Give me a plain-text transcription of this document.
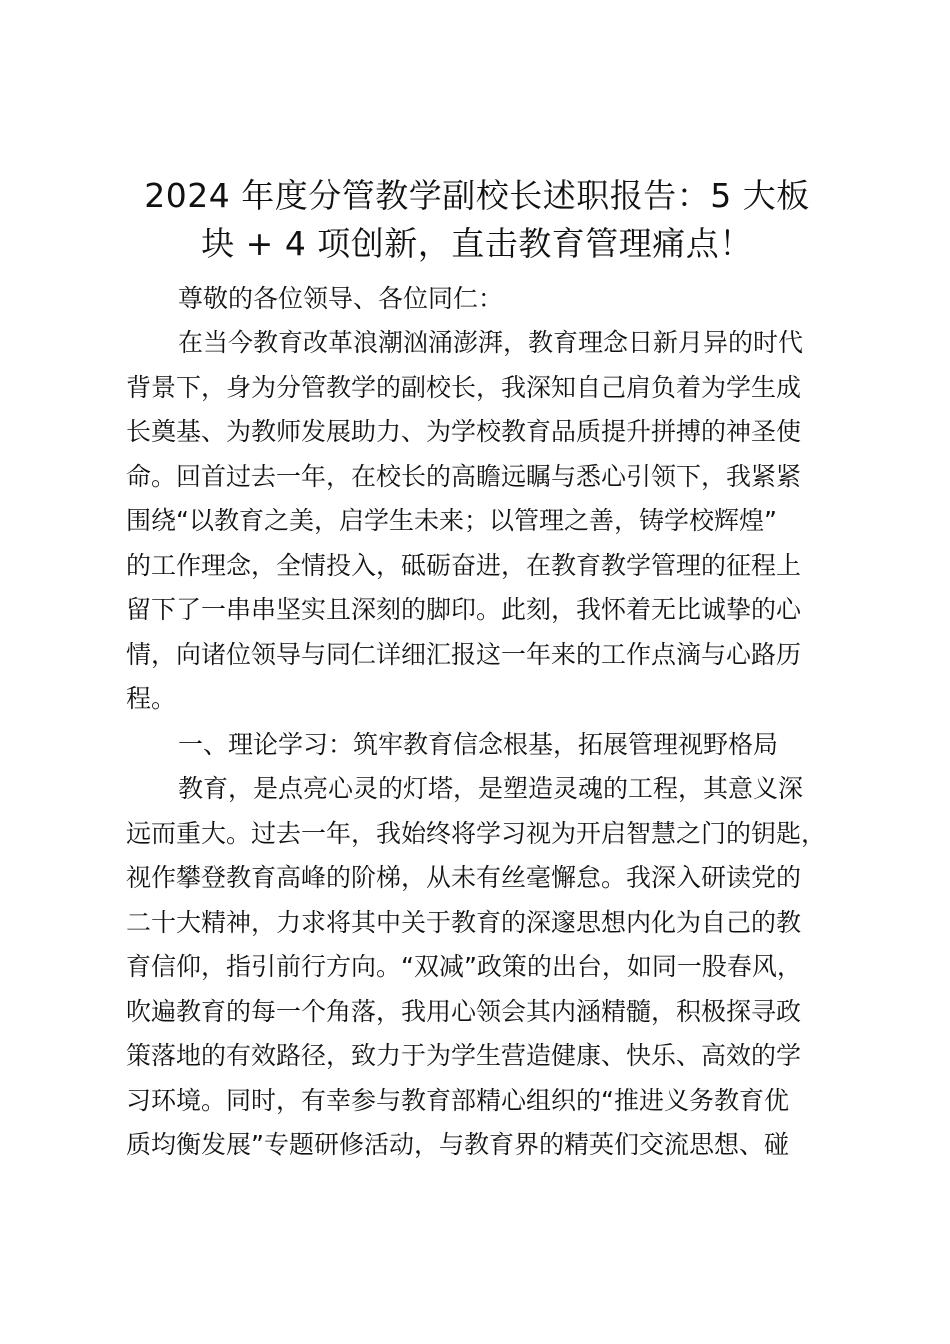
2024 年度分管教学副校长述职报告：5 大板
块 + 4 项创新，直击教育管理痛点！

尊敬的各位领导、各位同仁：

在当今教育改革浪潮汹涌澎湃，教育理念日新月异的时代
背景下，身为分管教学的副校长，我深知自己肩负着为学生成
长奠基、为教师发展助力、为学校教育品质提升拼搏的神圣使
命。回首过去一年，在校长的高瞻远瞩与悉心引领下，我紧紧
围绕“以教育之美，启学生未来；以管理之善，铸学校辉煌”
的工作理念，全情投入，砥砺奋进，在教育教学管理的征程上
留下了一串串坚实且深刻的脚印。此刻，我怀着无比诚挚的心
情，向诸位领导与同仁详细汇报这一年来的工作点滴与心路历
程。

一、理论学习：筑牢教育信念根基，拓展管理视野格局

教育，是点亮心灵的灯塔，是塑造灵魂的工程，其意义深
远而重大。过去一年，我始终将学习视为开启智慧之门的钥匙，
视作攀登教育高峰的阶梯，从未有丝毫懈怠。我深入研读党的
二十大精神，力求将其中关于教育的深邃思想内化为自己的教
育信仰，指引前行方向。“双减”政策的出台，如同一股春风，
吹遍教育的每一个角落，我用心领会其内涵精髓，积极探寻政
策落地的有效路径，致力于为学生营造健康、快乐、高效的学
习环境。同时，有幸参与教育部精心组织的“推进义务教育优
质均衡发展”专题研修活动，与教育界的精英们交流思想、碰
